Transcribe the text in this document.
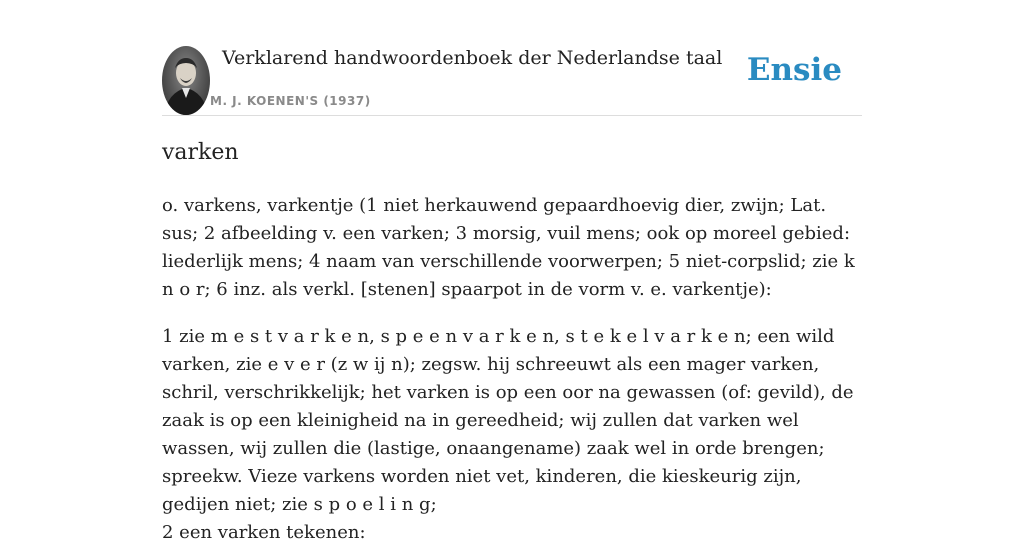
Verklarend handwoordenboek der Nederlandse taal
M. J. KOENEN'S (1937)
Ensie
varken

o. varkens, varkentje (1 niet herkauwend gepaardhoevig dier, zwijn; Lat. sus; 2 afbeelding v. een varken; 3 morsig, vuil mens; ook op moreel gebied: liederlijk mens; 4 naam van verschillende voorwerpen; 5 niet-corpslid; zie k n o r; 6 inz. als verkl. [stenen] spaarpot in de vorm v. e. varkentje):

1 zie m e s t v a r k e n, s p e e n v a r k e n, s t e k e l v a r k e n; een wild varken, zie e v e r (z w ij n); zegsw. hij schreeuwt als een mager varken, schril, verschrikkelijk; het varken is op een oor na gewassen (of: gevild), de zaak is op een kleinigheid na in gereedheid; wij zullen dat varken wel wassen, wij zullen die (lastige, onaangename) zaak wel in orde brengen; spreekw. Vieze varkens worden niet vet, kinderen, die kieskeurig zijn, gedijen niet; zie s p o e l i n g;

2 een varken tekenen:
